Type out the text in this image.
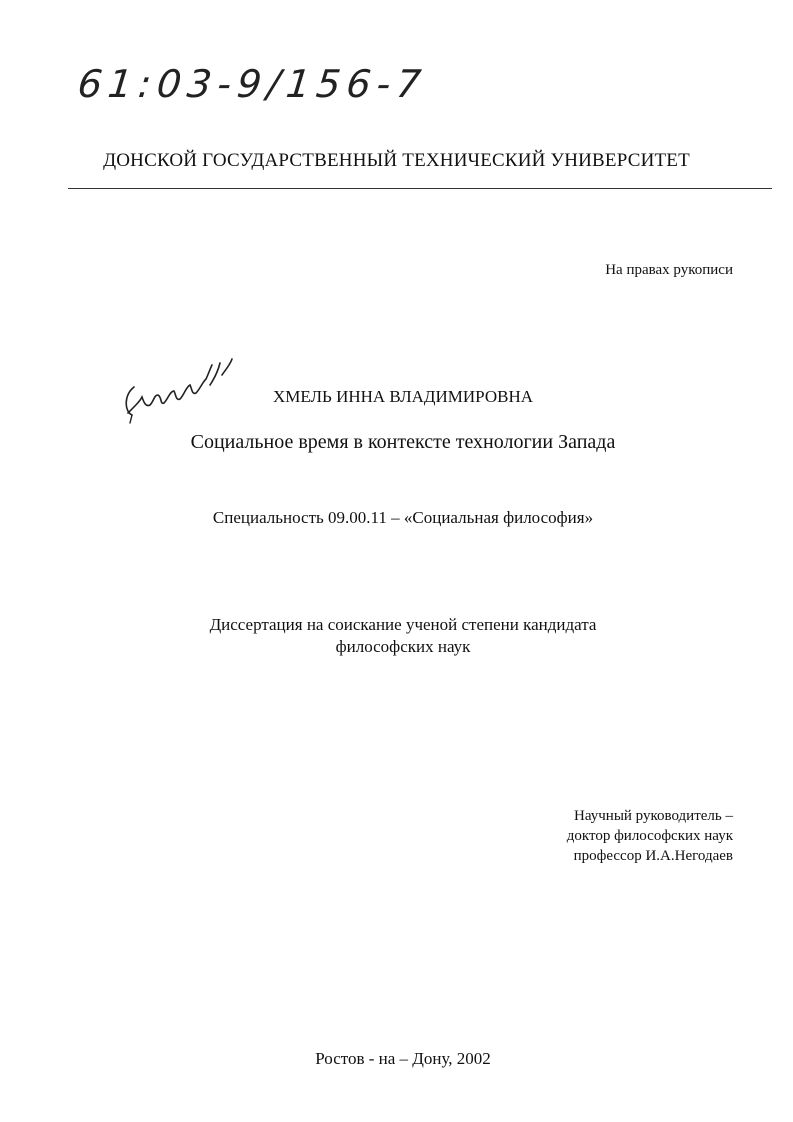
61:03-9/156-7
ДОНСКОЙ ГОСУДАРСТВЕННЫЙ ТЕХНИЧЕСКИЙ УНИВЕРСИТЕТ
На правах рукописи
ХМЕЛЬ ИННА ВЛАДИМИРОВНА
Социальное время в контексте технологии Запада
Специальность 09.00.11 – «Социальная философия»
Диссертация на соискание ученой степени кандидата
философских наук
Научный руководитель –
доктор философских наук
профессор И.А.Негодаев
Ростов - на – Дону, 2002
